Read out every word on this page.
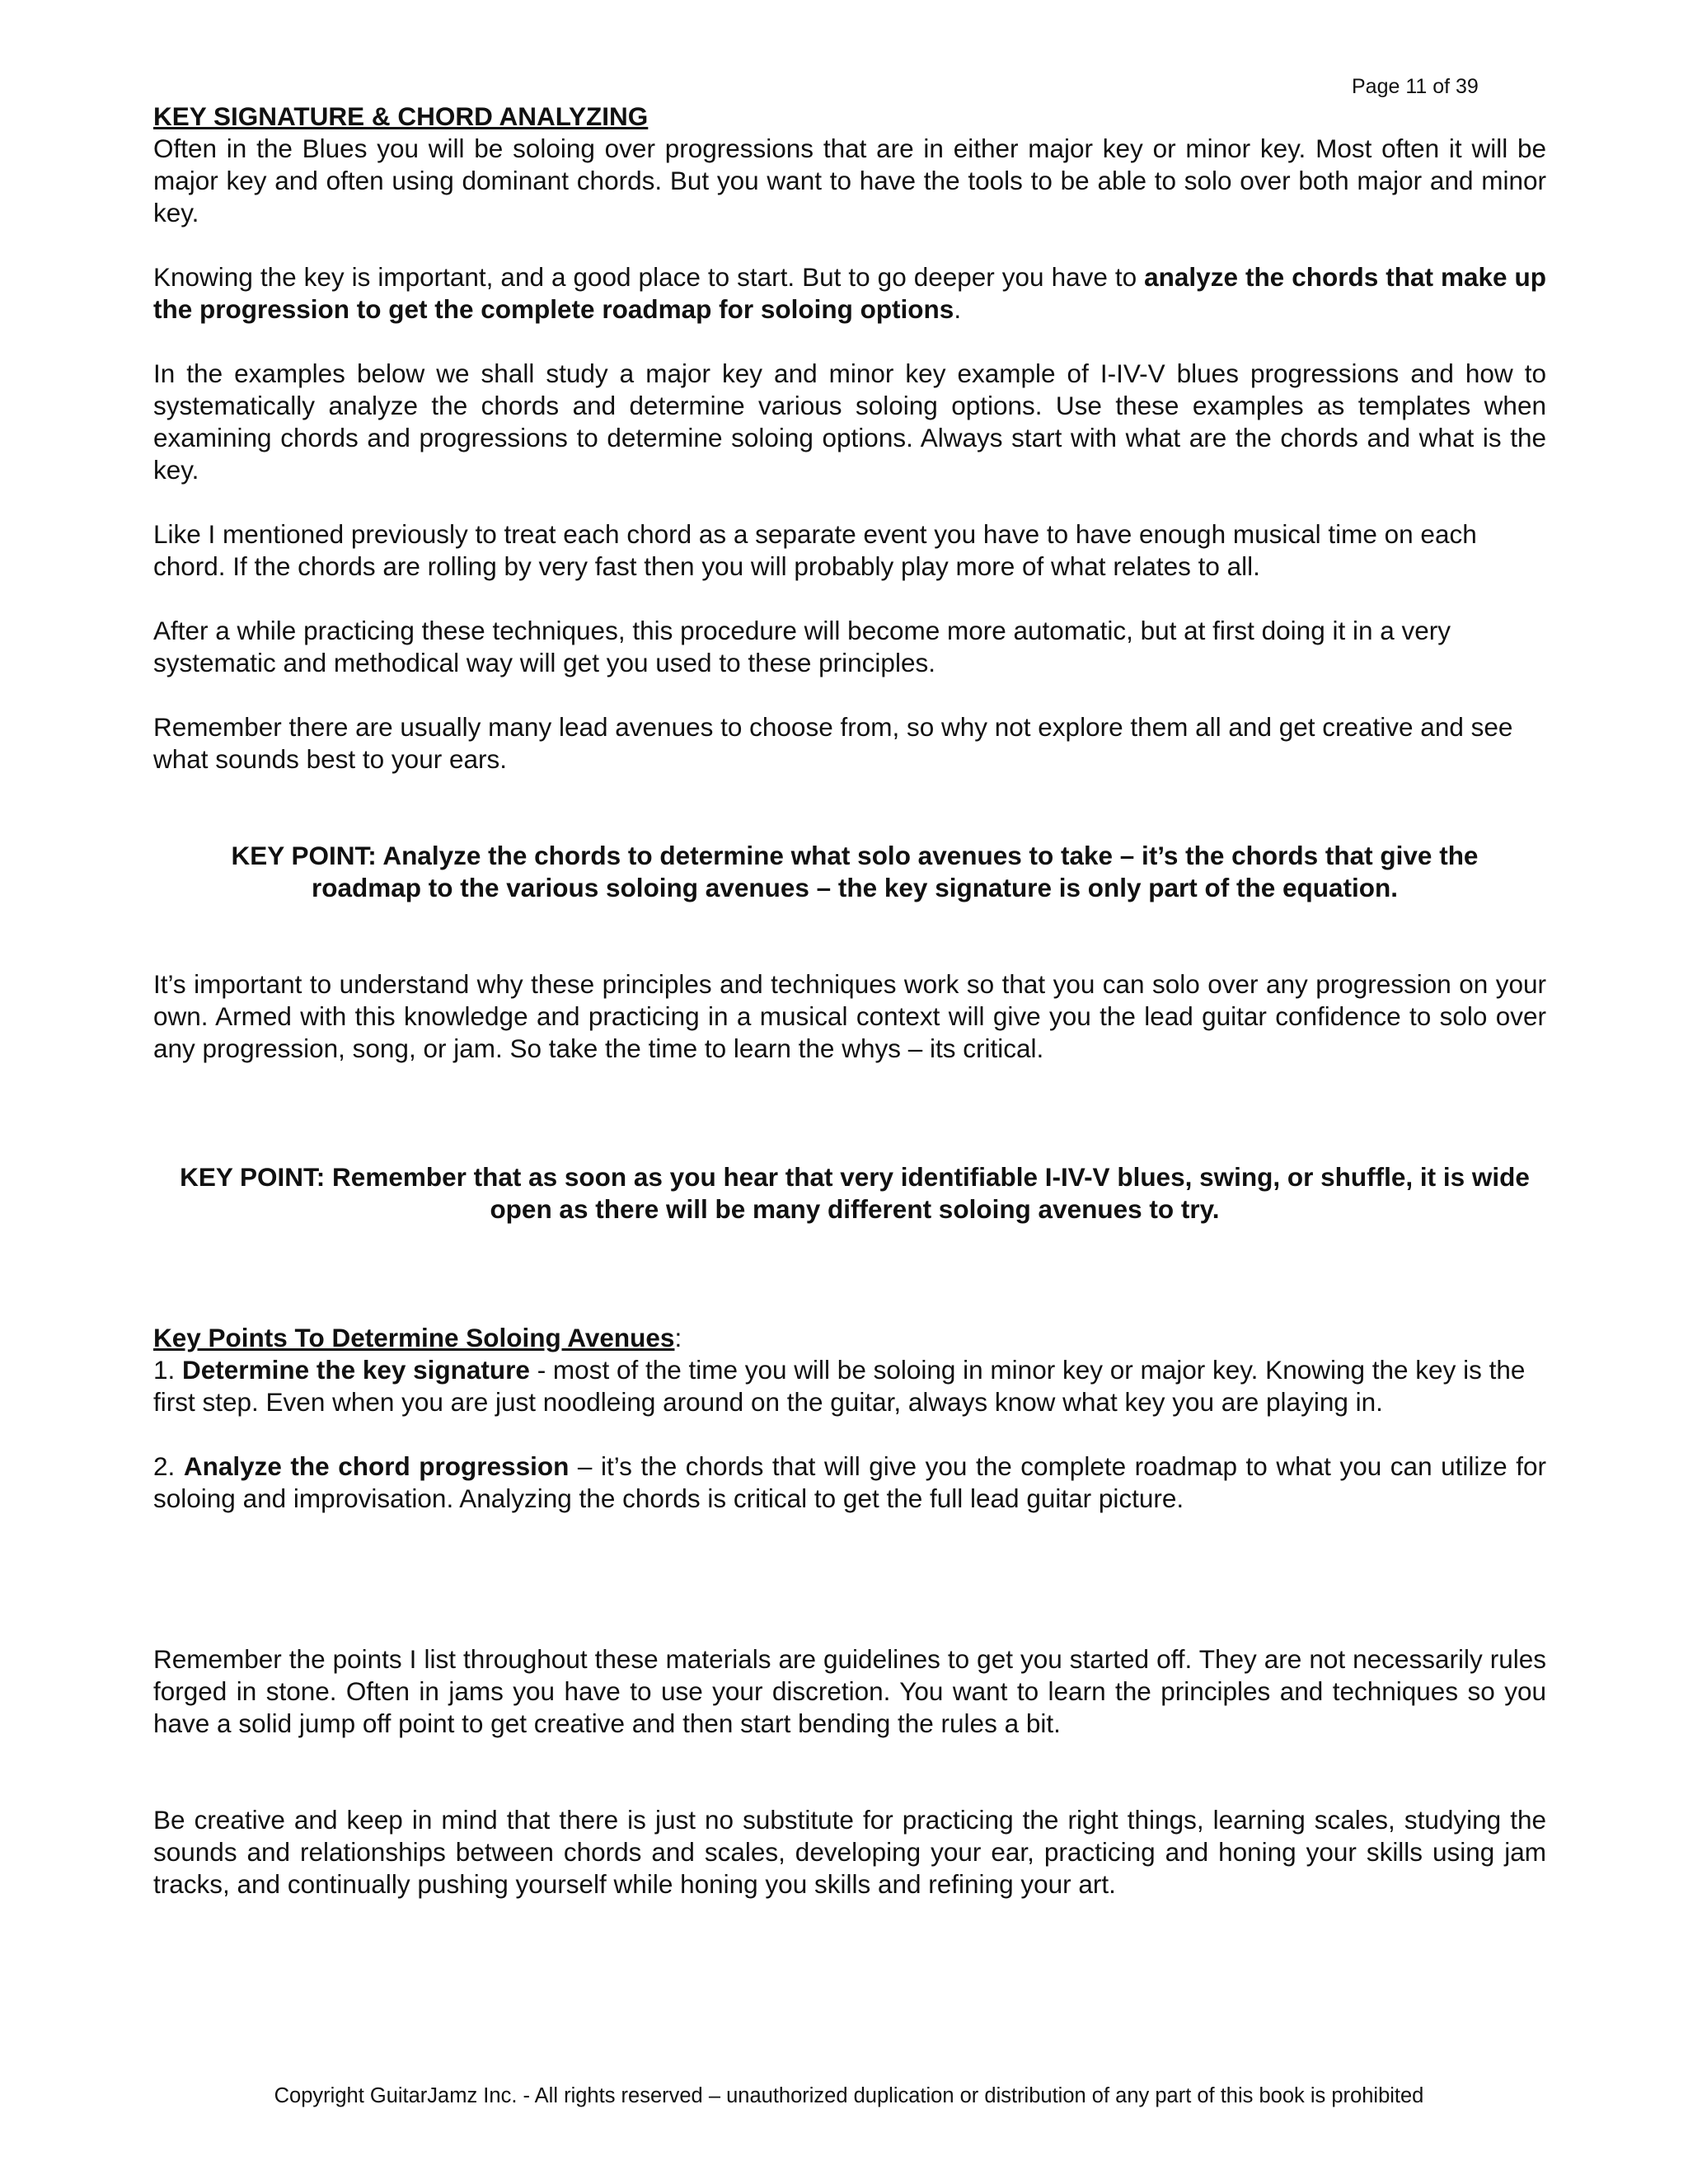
Page 11 of 39

KEY SIGNATURE & CHORD ANALYZING

Often in the Blues you will be soloing over progressions that are in either major key or minor key. Most often it will be major key and often using dominant chords. But you want to have the tools to be able to solo over both major and minor key.

Knowing the key is important, and a good place to start. But to go deeper you have to analyze the chords that make up the progression to get the complete roadmap for soloing options.

In the examples below we shall study a major key and minor key example of I-IV-V blues progressions and how to systematically analyze the chords and determine various soloing options. Use these examples as templates when examining chords and progressions to determine soloing options. Always start with what are the chords and what is the key.

Like I mentioned previously to treat each chord as a separate event you have to have enough musical time on each chord. If the chords are rolling by very fast then you will probably play more of what relates to all.

After a while practicing these techniques, this procedure will become more automatic, but at first doing it in a very systematic and methodical way will get you used to these principles.

Remember there are usually many lead avenues to choose from, so why not explore them all and get creative and see what sounds best to your ears.

KEY POINT: Analyze the chords to determine what solo avenues to take – it’s the chords that give the roadmap to the various soloing avenues – the key signature is only part of the equation.

It’s important to understand why these principles and techniques work so that you can solo over any progression on your own. Armed with this knowledge and practicing in a musical context will give you the lead guitar confidence to solo over any progression, song, or jam. So take the time to learn the whys – its critical.

KEY POINT: Remember that as soon as you hear that very identifiable I-IV-V blues, swing, or shuffle, it is wide open as there will be many different soloing avenues to try.

Key Points To Determine Soloing Avenues:

1. Determine the key signature - most of the time you will be soloing in minor key or major key. Knowing the key is the first step. Even when you are just noodleing around on the guitar, always know what key you are playing in.

2. Analyze the chord progression – it’s the chords that will give you the complete roadmap to what you can utilize for soloing and improvisation. Analyzing the chords is critical to get the full lead guitar picture.

Remember the points I list throughout these materials are guidelines to get you started off. They are not necessarily rules forged in stone. Often in jams you have to use your discretion. You want to learn the principles and techniques so you have a solid jump off point to get creative and then start bending the rules a bit.

Be creative and keep in mind that there is just no substitute for practicing the right things, learning scales, studying the sounds and relationships between chords and scales, developing your ear, practicing and honing your skills using jam tracks, and continually pushing yourself while honing you skills and refining your art.

Copyright GuitarJamz Inc. - All rights reserved – unauthorized duplication or distribution of any part of this book is prohibited
